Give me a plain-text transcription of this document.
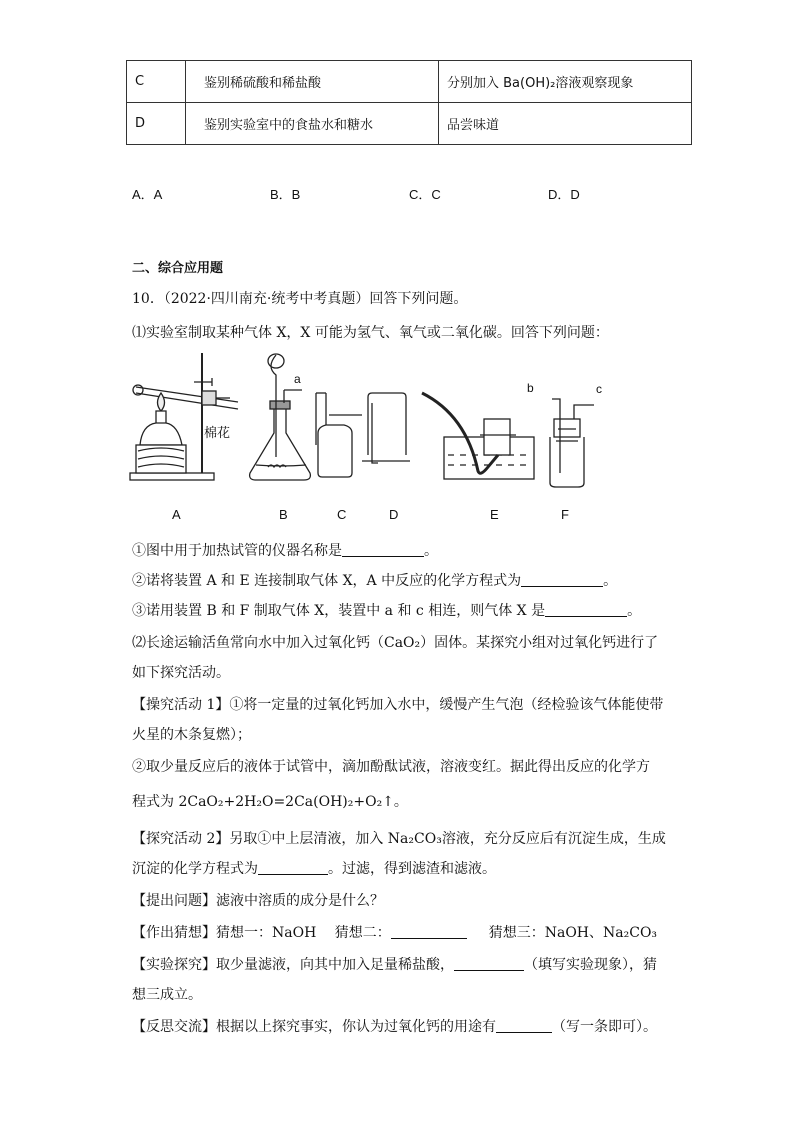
C	鉴别稀硫酸和稀盐酸	分别加入 Ba(OH)₂溶液观察现象
D	鉴别实验室中的食盐水和糖水	品尝味道
A．A	B．B	C．C	D．D
二、综合应用题
10．（2022·四川南充·统考中考真题）回答下列问题。
⑴实验室制取某种气体 X，X 可能为氢气、氧气或二氧化碳。回答下列问题：
棉花
a
b	c
A	B	C	D	E	F
①图中用于加热试管的仪器名称是	。
②诺将装置 A 和 E 连接制取气体 X，A 中反应的化学方程式为	。
③诺用装置 B 和 F 制取气体 X，装置中 a 和 c 相连，则气体 X 是	。
⑵长途运输活鱼常向水中加入过氧化钙（CaO₂）固体。某探究小组对过氧化钙进行了
如下探究活动。
【操究活动 1】①将一定量的过氧化钙加入水中，缓慢产生气泡（经检验该气体能使带
火星的木条复燃）；
②取少量反应后的液体于试管中，滴加酚酞试液，溶液变红。据此得出反应的化学方
程式为 2CaO₂+2H₂O=2Ca(OH)₂+O₂↑。
【探究活动 2】另取①中上层清液，加入 Na₂CO₃溶液，充分反应后有沉淀生成，生成
沉淀的化学方程式为	。过滤，得到滤渣和滤液。
【提出问题】滤液中溶质的成分是什么？
【作出猜想】猜想一：NaOH　 猜想二：	猜想三：NaOH、Na₂CO₃
【实验探究】取少量滤液，向其中加入足量稀盐酸，	（填写实验现象），猜
想三成立。
【反思交流】根据以上探究事实，你认为过氧化钙的用途有	（写一条即可）。
